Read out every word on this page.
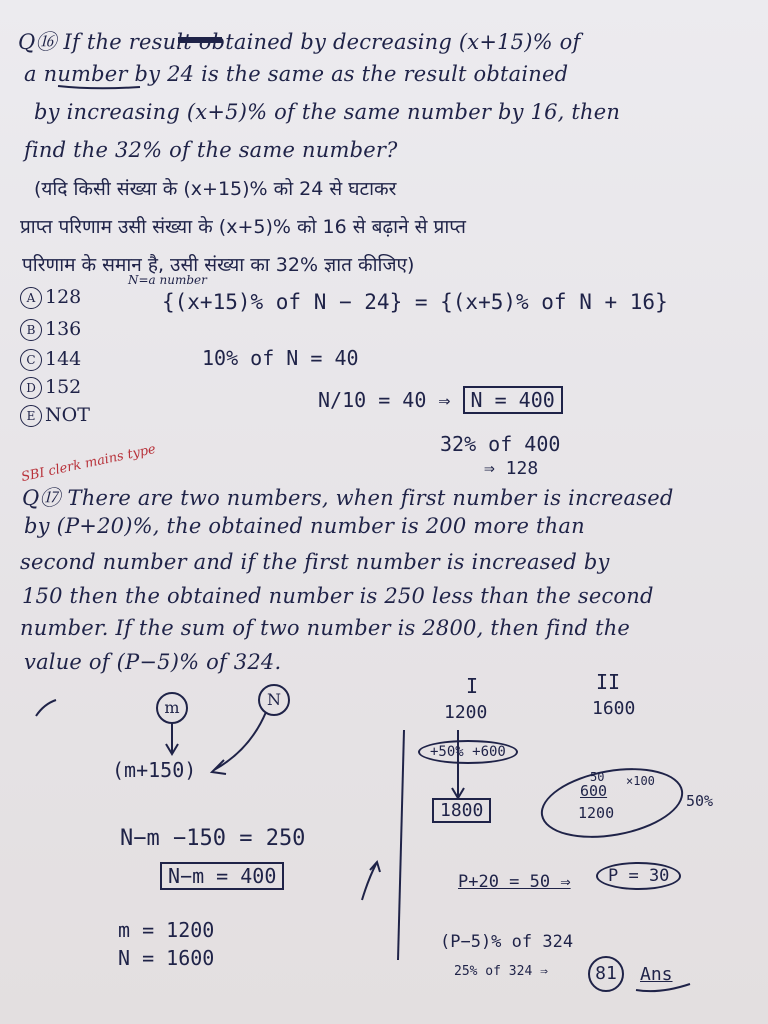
Q⑯ If the result obtained by decreasing (x+15)% of
a number by 24 is the same as the result obtained
by increasing (x+5)% of the same number by 16, then
find the 32% of the same number?
(यदि किसी संख्या के (x+15)% को 24 से घटाकर
प्राप्त परिणाम उसी संख्या के (x+5)% को 16 से बढ़ाने से प्राप्त
परिणाम के समान है, उसी संख्या का 32% ज्ञात कीजिए)
A 128
B 136
C 144
D 152
E NOT
N=a number
{(x+15)% of N − 24} = {(x+5)% of N + 16}
10% of N = 40
N/10 = 40 ⇒ N = 400
32% of 400
⇒ 128
SBI clerk mains type
Q⑰ There are two numbers, when first number is increased
by (P+20)%, the obtained number is 200 more than
second number and if the first number is increased by
150 then the obtained number is 250 less than the second
number. If the sum of two number is 2800, then find the
value of (P−5)% of 324.
m	N
(m+150)
N−m −150 = 250
N−m = 400
m = 1200
N = 1600
I	II
1200	1600
+50% +600
1800
50
600
×100
1200
50%
P+20 = 50 ⇒	P = 30
(P−5)% of 324
25% of 324 ⇒	81	Ans
